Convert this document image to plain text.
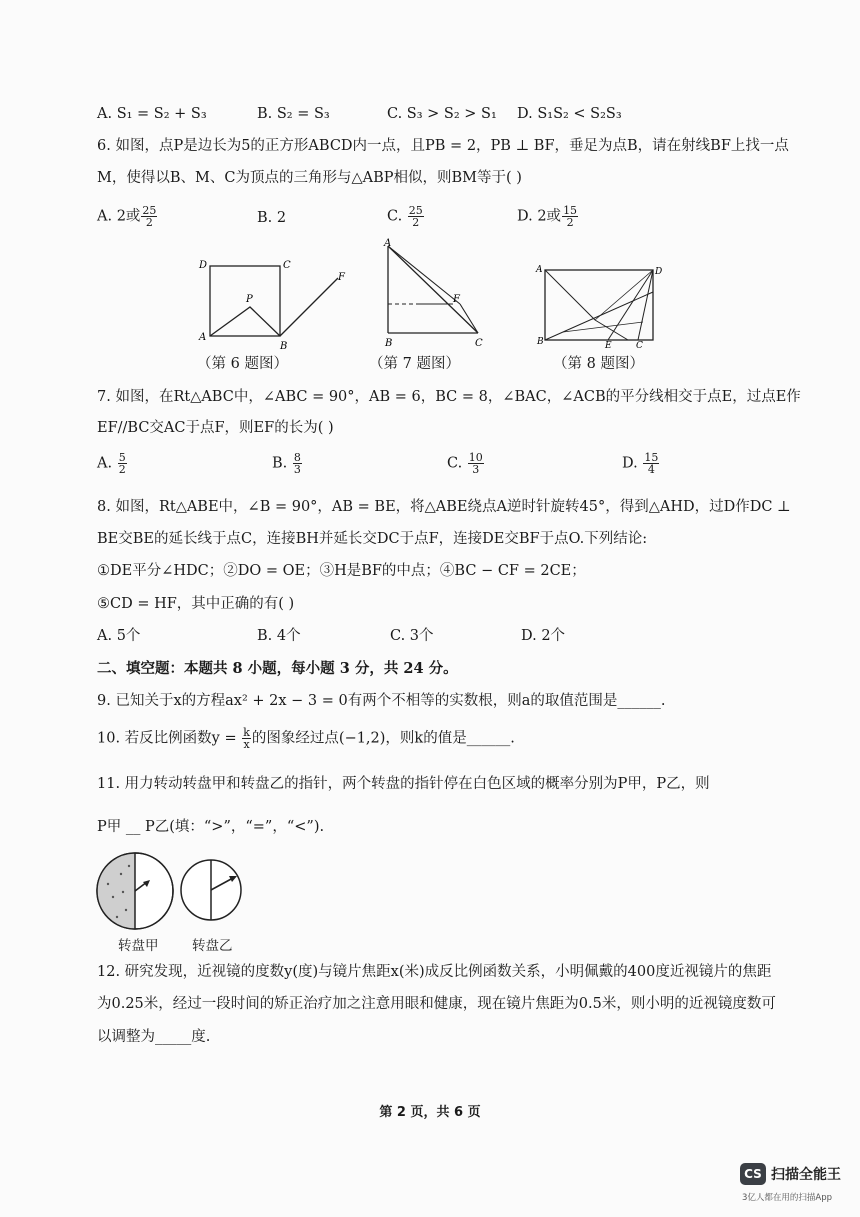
A. S₁ = S₂ + S₃	B. S₂ = S₃	C. S₃ > S₂ > S₁ D. S₁S₂ < S₂S₃
6. 如图，点P是边长为5的正方形ABCD内一点，且PB = 2，PB ⊥ BF，垂足为点B，请在射线BF上找一点
M，使得以B、M、C为顶点的三角形与△ABP相似，则BM等于( )
A. 2或 $\frac{25}{2}$	B. 2	C. $\frac{25}{2}$	D. 2或 $\frac{15}{2}$
D	C
P
A
B
F
（第 6 题图）
A
F
B	C
（第 7 题图）
A	D
B	E	C
（第 8 题图）
7. 如图，在Rt△ABC中，∠ABC = 90°，AB = 6，BC = 8，∠BAC，∠ACB的平分线相交于点E，过点E作
EF//BC交AC于点F，则EF的长为( )
A. $\frac{5}{2}$	B. $\frac{8}{3}$	C. $\frac{10}{3}$	D. $\frac{15}{4}$
8. 如图，Rt△ABE中，∠B = 90°，AB = BE，将△ABE绕点A逆时针旋转45°，得到△AHD，过D作DC ⊥
BE交BE的延长线于点C，连接BH并延长交DC于点F，连接DE交BF于点O.下列结论:
①DE平分∠HDC；②DO = OE；③H是BF的中点；④BC − CF = 2CE；
⑤CD = HF，其中正确的有( )
A. 5个	B. 4个	C. 3个	D. 2个
二、填空题：本题共 8 小题，每小题 3 分，共 24 分。
9. 已知关于x的方程ax² + 2x − 3 = 0有两个不相等的实数根，则a的取值范围是______.
10. 若反比例函数$y = \frac{k}{x}$ 的图象经过点(−1,2)，则k的值是______.
11. 用力转动转盘甲和转盘乙的指针，两个转盘的指针停在白色区域的概率分别为P甲，P乙，则
P甲 __ P乙(填：“>”，“=”，“<”).
转盘甲 转盘乙
12. 研究发现，近视镜的度数y(度)与镜片焦距x(米)成反比例函数关系，小明佩戴的400度近视镜片的焦距
为0.25米，经过一段时间的矫正治疗加之注意用眼和健康，现在镜片焦距为0.5米，则小明的近视镜度数可
以调整为_____度.
第 2 页，共 6 页
CS 扫描全能王
3亿人都在用的扫描App
